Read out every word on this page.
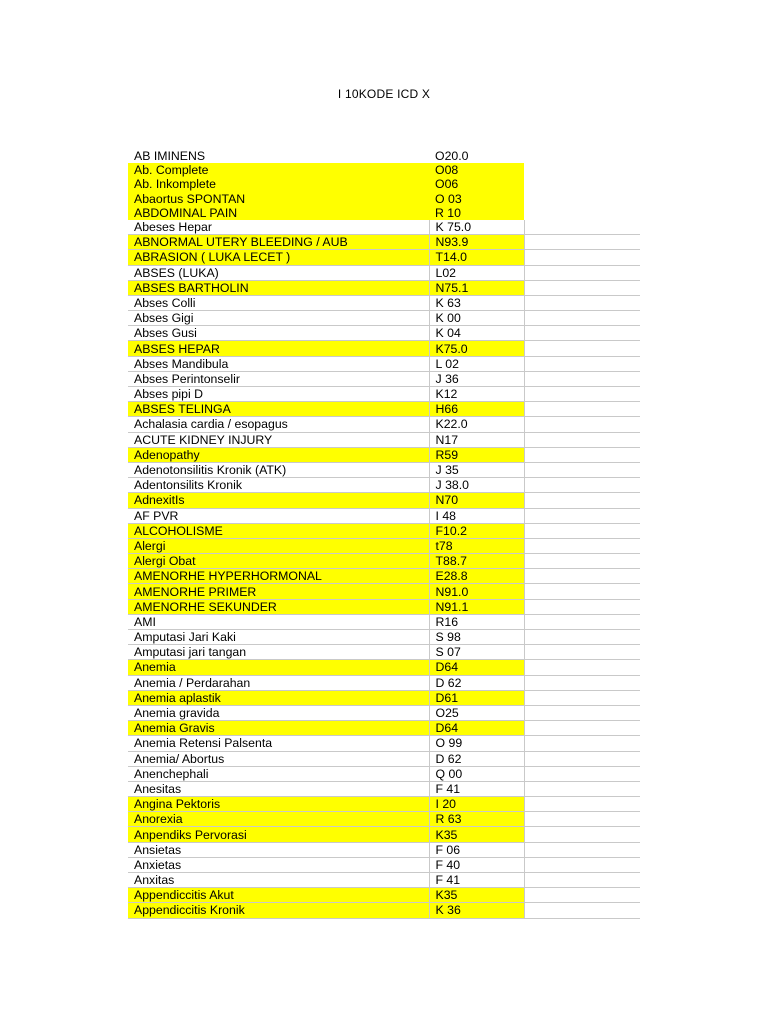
I 10KODE ICD X
AB IMINENS	O20.0	
Ab. Complete	O08	
Ab. Inkomplete	O06	
Abaortus SPONTAN	O 03	
ABDOMINAL PAIN	R 10	
Abeses Hepar	K 75.0	
ABNORMAL UTERY BLEEDING / AUB	N93.9	
ABRASION ( LUKA LECET )	T14.0	
ABSES (LUKA)	L02	
ABSES BARTHOLIN	N75.1	
Abses Colli	K 63	
Abses Gigi	K 00	
Abses Gusi	K 04	
ABSES HEPAR	K75.0	
Abses Mandibula	L 02	
Abses Perintonselir	J 36	
Abses pipi D	K12	
ABSES TELINGA	H66	
Achalasia cardia / esopagus	K22.0	
ACUTE KIDNEY INJURY	N17	
Adenopathy	R59	
Adenotonsilitis Kronik (ATK)	J 35	
Adentonsilits Kronik	J 38.0	
AdnexitIs	N70	
AF PVR	I 48	
ALCOHOLISME	F10.2	
Alergi	t78	
Alergi Obat	T88.7	
AMENORHE HYPERHORMONAL	E28.8	
AMENORHE PRIMER	N91.0	
AMENORHE SEKUNDER	N91.1	
AMI	R16	
Amputasi Jari Kaki	S 98	
Amputasi jari tangan	S 07	
Anemia	D64	
Anemia / Perdarahan	D 62	
Anemia aplastik	D61	
Anemia gravida	O25	
Anemia Gravis	D64	
Anemia Retensi Palsenta	O 99	
Anemia/ Abortus	D 62	
Anenchephali	Q 00	
Anesitas	F 41	
Angina Pektoris	I 20	
Anorexia	R 63	
Anpendiks Pervorasi	K35	
Ansietas	F 06	
Anxietas	F 40	
Anxitas	F 41	
Appendiccitis Akut	K35	
Appendiccitis Kronik	K 36	
